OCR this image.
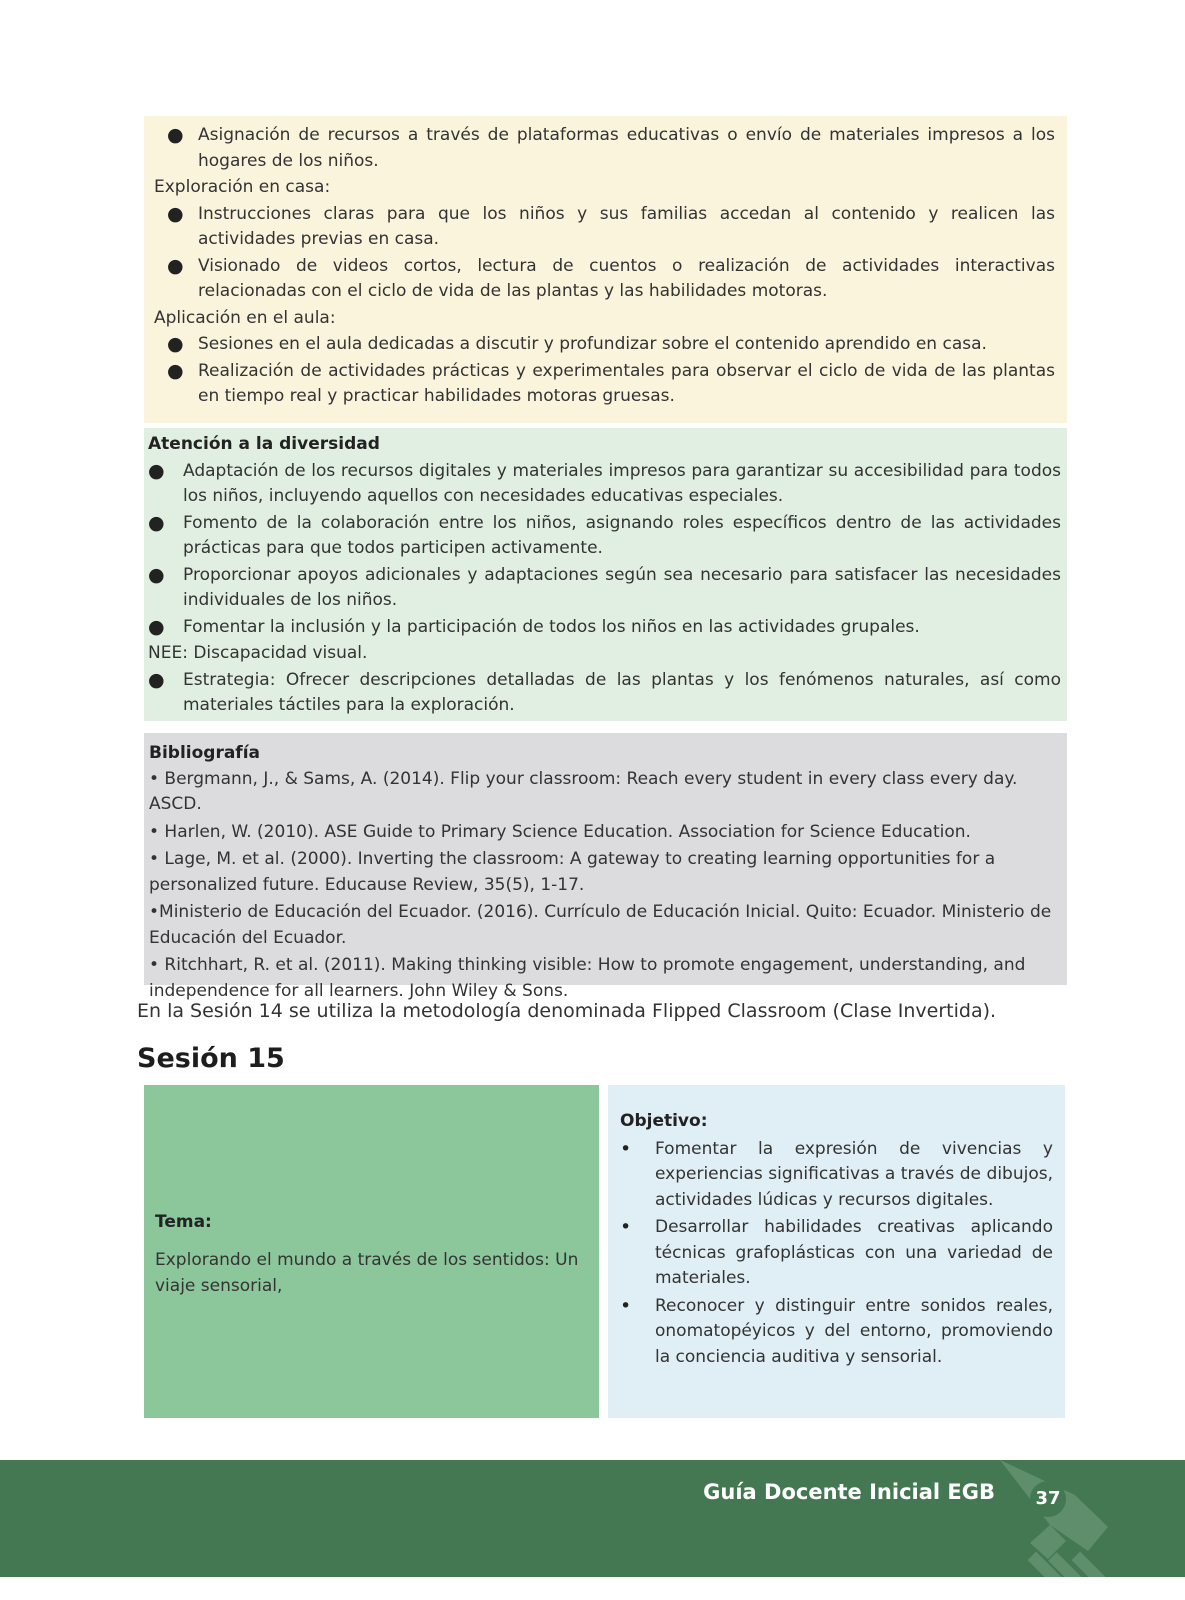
● Asignación de recursos a través de plataformas educativas o envío de materiales impresos a los hogares de los niños.
Exploración en casa:
● Instrucciones claras para que los niños y sus familias accedan al contenido y realicen las actividades previas en casa.
● Visionado de videos cortos, lectura de cuentos o realización de actividades interactivas relacionadas con el ciclo de vida de las plantas y las habilidades motoras.
Aplicación en el aula:
● Sesiones en el aula dedicadas a discutir y profundizar sobre el contenido aprendido en casa.
● Realización de actividades prácticas y experimentales para observar el ciclo de vida de las plantas en tiempo real y practicar habilidades motoras gruesas.
Atención a la diversidad
● Adaptación de los recursos digitales y materiales impresos para garantizar su accesibilidad para todos los niños, incluyendo aquellos con necesidades educativas especiales.
● Fomento de la colaboración entre los niños, asignando roles específicos dentro de las actividades prácticas para que todos participen activamente.
● Proporcionar apoyos adicionales y adaptaciones según sea necesario para satisfacer las necesidades individuales de los niños.
● Fomentar la inclusión y la participación de todos los niños en las actividades grupales.
NEE: Discapacidad visual.
● Estrategia: Ofrecer descripciones detalladas de las plantas y los fenómenos naturales, así como materiales táctiles para la exploración.
Bibliografía

• Bergmann, J., & Sams, A. (2014). Flip your classroom: Reach every student in every class every day. ASCD.

• Harlen, W. (2010). ASE Guide to Primary Science Education. Association for Science Education.

• Lage, M. et al. (2000). Inverting the classroom: A gateway to creating learning opportunities for a personalized future. Educause Review, 35(5), 1-17.

•Ministerio de Educación del Ecuador. (2016). Currículo de Educación Inicial. Quito: Ecuador. Ministerio de Educación del Ecuador.

• Ritchhart, R. et al. (2011). Making thinking visible: How to promote engagement, understanding, and independence for all learners. John Wiley & Sons.

En la Sesión 14 se utiliza la metodología denominada Flipped Classroom (Clase Invertida).
Sesión 15
Tema:
Explorando el mundo a través de los sentidos: Un viaje sensorial,
Objetivo:
• Fomentar la expresión de vivencias y experiencias significativas a través de dibujos, actividades lúdicas y recursos digitales.
• Desarrollar habilidades creativas aplicando técnicas grafoplásticas con una variedad de materiales.
• Reconocer y distinguir entre sonidos reales, onomatopéyicos y del entorno, promoviendo la conciencia auditiva y sensorial.
Guía Docente Inicial EGB	37
